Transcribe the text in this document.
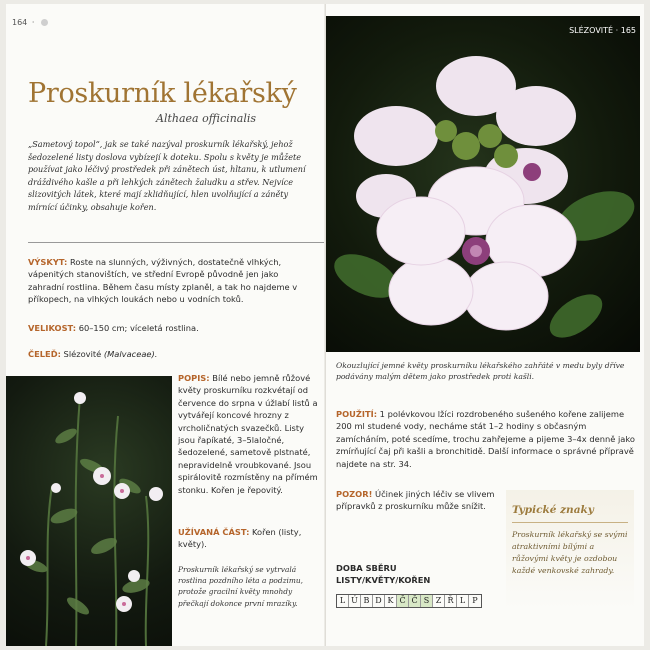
164 ·
Proskurník lékařský
Althaea officinalis
„Sametový topol“, jak se také nazýval proskurník lékařský, jehož šedozelené listy doslova vybízejí k doteku. Spolu s květy je můžete používat jako léčivý prostředek při zánětech úst, hltanu, k utlumení dráždivého kašle a při lehkých zánětech žaludku a střev. Nejvíce slizovitých látek, které mají zklidňující, hlen uvolňující a záněty mírnící účinky, obsahuje kořen.
VÝSKYT: Roste na slunných, výživných, dostatečně vlhkých, vápenitých stanovištích, ve střední Evropě původně jen jako zahradní rostlina. Během času místy zplaněl, a tak ho najdeme v příkopech, na vlhkých loukách nebo u vodních toků.
VELIKOST: 60–150 cm; víceletá rostlina.
ČELEĎ: Slézovité (Malvaceae).
POPIS: Bílé nebo jemně růžové květy proskurníku rozkvétají od července do srpna v úžlabí listů a vytvářejí koncové hrozny z vrcholičnatých svazečků. Listy jsou řapíkaté, 3–5laločné, šedozelené, sametově plstnaté, nepravidelně vroubkované. Jsou spirálovitě rozmístěny na přímém stonku. Kořen je řepovitý.
UŽÍVANÁ ČÁST: Kořen (listy, květy).
Proskurník lékařský se vytrvalá rostlina pozdního léta a podzimu, protože gracilní květy mnohdy přečkají dokonce první mrazíky.
SLÉZOVITÉ · 165
Okouzlující jemné květy proskurníku lékařského zahřáté v medu byly dříve podávány malým dětem jako prostředek proti kašli.
POUŽITÍ: 1 polévkovou lžíci rozdrobeného sušeného kořene zalijeme 200 ml studené vody, necháme stát 1–2 hodiny s občasným zamícháním, poté scedíme, trochu zahřejeme a pijeme 3–4x denně jako zmírňující čaj při kašli a bronchitidě. Další informace o správné přípravě najdete na str. 34.
POZOR! Účinek jiných léčiv se vlivem přípravků z proskurníku může snížit.	Typické znaky
Proskurník lékařský se svými atraktivními bílými a růžovými květy je ozdobou každé venkovské zahrady.
DOBA SBĚRU
LISTY/KVĚTY/KOŘEN
L Ú B D K Č Č S Z Ř L P
